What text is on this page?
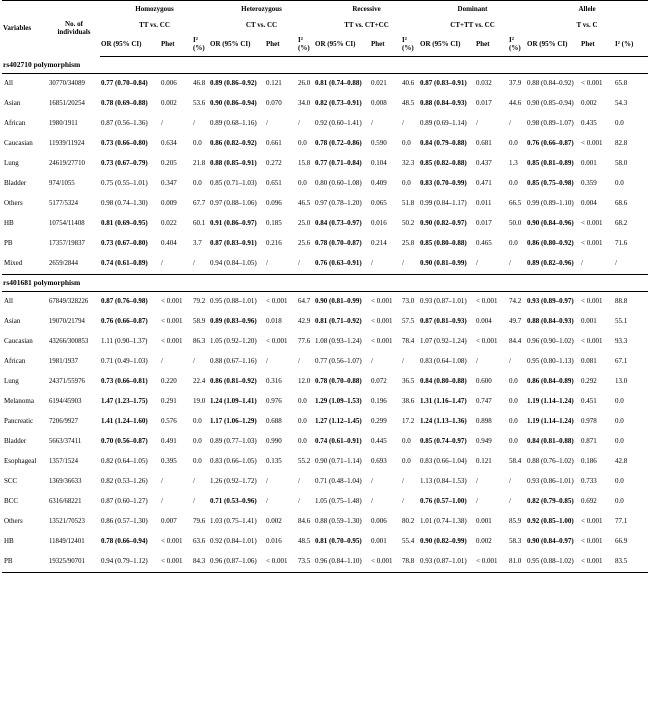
Variables	No. of individuals	Homozygous			Heterozygous			Recessive			Dominant			Allele		
		TT vs. CC			CT vs. CC			TT vs. CT+CC			CT+TT vs. CC			T vs. C		
		OR (95% CI)	Phet	I² (%)	OR (95% CI)	Phet	I² (%)	OR (95% CI)	Phet	I² (%)	OR (95% CI)	Phet	I² (%)	OR (95% CI)	Phet	I² (%)
rs402710 polymorphism																
All	30770/34089	0.77 (0.70–0.84)	0.006	46.8	0.89 (0.86–0.92)	0.121	26.0	0.81 (0.74–0.88)	0.021	40.6	0.87 (0.83–0.91)	0.032	37.9	0.88 (0.84–0.92)	< 0.001	65.8
Asian	16851/20254	0.78 (0.69–0.88)	0.002	53.6	0.90 (0.86–0.94)	0.070	34.0	0.82 (0.73–0.91)	0.008	48.5	0.88 (0.84–0.93)	0.017	44.6	0.90 (0.85–0.94)	0.002	54.3
African	1980/1911	0.87 (0.56–1.36)	/	/	0.89 (0.68–1.16)	/	/	0.92 (0.60–1.41)	/	/	0.89 (0.69–1.14)	/	/	0.98 (0.89–1.07)	0.435	0.0
Caucasian	11939/11924	0.73 (0.66–0.80)	0.634	0.0	0.86 (0.82–0.92)	0.661	0.0	0.78 (0.72–0.86)	0.590	0.0	0.84 (0.79–0.88)	0.681	0.0	0.76 (0.66–0.87)	< 0.001	82.8
Lung	24619/27710	0.73 (0.67–0.79)	0.205	21.8	0.88 (0.85–0.91)	0.272	15.8	0.77 (0.71–0.84)	0.104	32.3	0.85 (0.82–0.88)	0.437	1.3	0.85 (0.81–0.89)	0.001	58.0
Bladder	974/1055	0.75 (0.55–1.01)	0.347	0.0	0.85 (0.71–1.03)	0.651	0.0	0.80 (0.60–1.08)	0.409	0.0	0.83 (0.70–0.99)	0.471	0.0	0.85 (0.75–0.98)	0.359	0.0
Others	5177/5324	0.98 (0.74–1.30)	0.009	67.7	0.97 (0.88–1.06)	0.096	46.5	0.97 (0.78–1.20)	0.065	51.8	0.99 (0.84–1.17)	0.011	66.5	0.99 (0.89–1.10)	0.004	68.6
HB	10754/11408	0.81 (0.69–0.95)	0.022	60.1	0.91 (0.86–0.97)	0.185	25.0	0.84 (0.73–0.97)	0.016	50.2	0.90 (0.82–0.97)	0.017	50.0	0.90 (0.84–0.96)	< 0.001	68.2
PB	17357/19837	0.73 (0.67–0.80)	0.404	3.7	0.87 (0.83–0.91)	0.216	25.6	0.78 (0.70–0.87)	0.214	25.8	0.85 (0.80–0.88)	0.465	0.0	0.86 (0.80–0.92)	< 0.001	71.6
Mixed	2659/2844	0.74 (0.61–0.89)	/	/	0.94 (0.84–1.05)	/	/	0.76 (0.63–0.91)	/	/	0.90 (0.81–0.99)	/	/	0.89 (0.82–0.96)	/	/
rs401681 polymorphism																
All	67849/328226	0.87 (0.76–0.98)	< 0.001	79.2	0.95 (0.88–1.01)	< 0.001	64.7	0.90 (0.81–0.99)	< 0.001	73.0	0.93 (0.87–1.01)	< 0.001	74.2	0.93 (0.89–0.97)	< 0.001	88.8
Asian	19070/21794	0.76 (0.66–0.87)	< 0.001	58.9	0.89 (0.83–0.96)	0.018	42.9	0.81 (0.71–0.92)	< 0.001	57.5	0.87 (0.81–0.93)	0.004	49.7	0.88 (0.84–0.93)	0.001	55.1
Caucasian	43266/300853	1.11 (0.90–1.37)	< 0.001	86.3	1.05 (0.92–1.20)	< 0.001	77.6	1.08 (0.93–1.24)	< 0.001	78.4	1.07 (0.92–1.24)	< 0.001	84.4	0.96 (0.90–1.02)	< 0.001	93.3
African	1981/1937	0.71 (0.49–1.03)	/	/	0.88 (0.67–1.16)	/	/	0.77 (0.56–1.07)	/	/	0.83 (0.64–1.08)	/	/	0.95 (0.80–1.13)	0.081	67.1
Lung	24371/55976	0.73 (0.66–0.81)	0.220	22.4	0.86 (0.81–0.92)	0.316	12.0	0.78 (0.70–0.88)	0.072	36.5	0.84 (0.80–0.88)	0.600	0.0	0.86 (0.84–0.89)	0.292	13.0
Melanoma	6194/45903	1.47 (1.23–1.75)	0.291	19.0	1.24 (1.09–1.41)	0.976	0.0	1.29 (1.09–1.53)	0.196	38.6	1.31 (1.16–1.47)	0.747	0.0	1.19 (1.14–1.24)	0.451	0.0
Pancreatic	7206/9927	1.41 (1.24–1.60)	0.576	0.0	1.17 (1.06–1.29)	0.688	0.0	1.27 (1.12–1.45)	0.299	17.2	1.24 (1.13–1.36)	0.898	0.0	1.19 (1.14–1.24)	0.978	0.0
Bladder	5663/37411	0.70 (0.56–0.87)	0.491	0.0	0.89 (0.77–1.03)	0.990	0.0	0.74 (0.61–0.91)	0.445	0.0	0.85 (0.74–0.97)	0.949	0.0	0.84 (0.81–0.88)	0.871	0.0
Esophageal	1357/1524	0.82 (0.64–1.05)	0.395	0.0	0.83 (0.66–1.05)	0.135	55.2	0.90 (0.71–1.14)	0.693	0.0	0.83 (0.66–1.04)	0.121	58.4	0.88 (0.76–1.02)	0.186	42.8
SCC	1369/36633	0.82 (0.53–1.26)	/	/	1.26 (0.92–1.72)	/	/	0.71 (0.48–1.04)	/	/	1.13 (0.84–1.53)	/	/	0.93 (0.86–1.01)	0.733	0.0
BCC	6316/68221	0.87 (0.60–1.27)	/	/	0.71 (0.53–0.96)	/	/	1.05 (0.75–1.48)	/	/	0.76 (0.57–1.00)	/	/	0.82 (0.79–0.85)	0.692	0.0
Others	13521/70523	0.86 (0.57–1.30)	0.007	79.6	1.03 (0.75–1.41)	0.002	84.6	0.88 (0.59–1.30)	0.006	80.2	1.01 (0.74–1.38)	0.001	85.9	0.92 (0.85–1.00)	< 0.001	77.1
HB	11849/12401	0.78 (0.66–0.94)	< 0.001	63.6	0.92 (0.84–1.01)	0.016	48.5	0.81 (0.70–0.95)	0.001	55.4	0.90 (0.82–0.99)	0.002	58.3	0.90 (0.84–0.97)	< 0.001	66.9
PB	19325/90701	0.94 (0.79–1.12)	< 0.001	84.3	0.96 (0.87–1.06)	< 0.001	73.5	0.96 (0.84–1.10)	< 0.001	78.8	0.93 (0.87–1.01)	< 0.001	81.0	0.95 (0.88–1.02)	< 0.001	83.5
